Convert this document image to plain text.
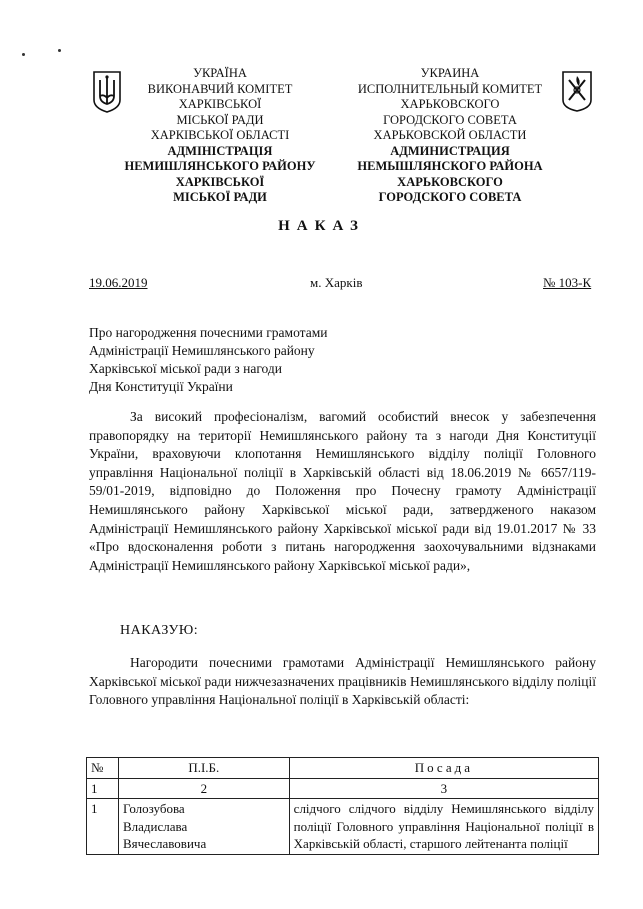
УКРАЇНА
ВИКОНАВЧИЙ КОМІТЕТ
ХАРКІВСЬКОЇ
МІСЬКОЇ РАДИ
ХАРКІВСЬКОЇ ОБЛАСТІ
АДМІНІСТРАЦІЯ
НЕМИШЛЯНСЬКОГО РАЙОНУ
ХАРКІВСЬКОЇ
МІСЬКОЇ РАДИ
УКРАИНА
ИСПОЛНИТЕЛЬНЫЙ КОМИТЕТ
ХАРЬКОВСКОГО
ГОРОДСКОГО СОВЕТА
ХАРЬКОВСКОЙ ОБЛАСТИ
АДМИНИСТРАЦИЯ
НЕМЫШЛЯНСКОГО РАЙОНА
ХАРЬКОВСКОГО
ГОРОДСКОГО СОВЕТА
НАКАЗ
19.06.2019	м. Харків	№ 103-К
Про нагородження почесними грамотами
Адміністрації Немишлянського району
Харківської міської ради з нагоди
Дня Конституції України

За високий професіоналізм, вагомий особистий внесок у забезпечення правопорядку на території Немишлянського району та з нагоди Дня Конституції України, враховуючи клопотання Немишлянського відділу поліції Головного управління Національної поліції в Харківській області від 18.06.2019 № 6657/119-59/01-2019, відповідно до Положення про Почесну грамоту Адміністрації Немишлянського району Харківської міської ради, затвердженого наказом Адміністрації Немишлянського району Харківської міської ради від 19.01.2017 № 33 «Про вдосконалення роботи з питань нагородження заохочувальними відзнаками Адміністрації Немишлянського району Харківської міської ради»,

НАКАЗУЮ:

Нагородити почесними грамотами Адміністрації Немишлянського району Харківської міської ради нижчезазначених працівників Немишлянського відділу поліції Головного управління Національної поліції в Харківській області:

№	П.І.Б.	Посада
1	2	3
1	Голозубова
Владислава
Вячеславовича	слідчого слідчого відділу Немишлянського відділу поліції Головного управління Національної поліції в Харківській області, старшого лейтенанта поліції
